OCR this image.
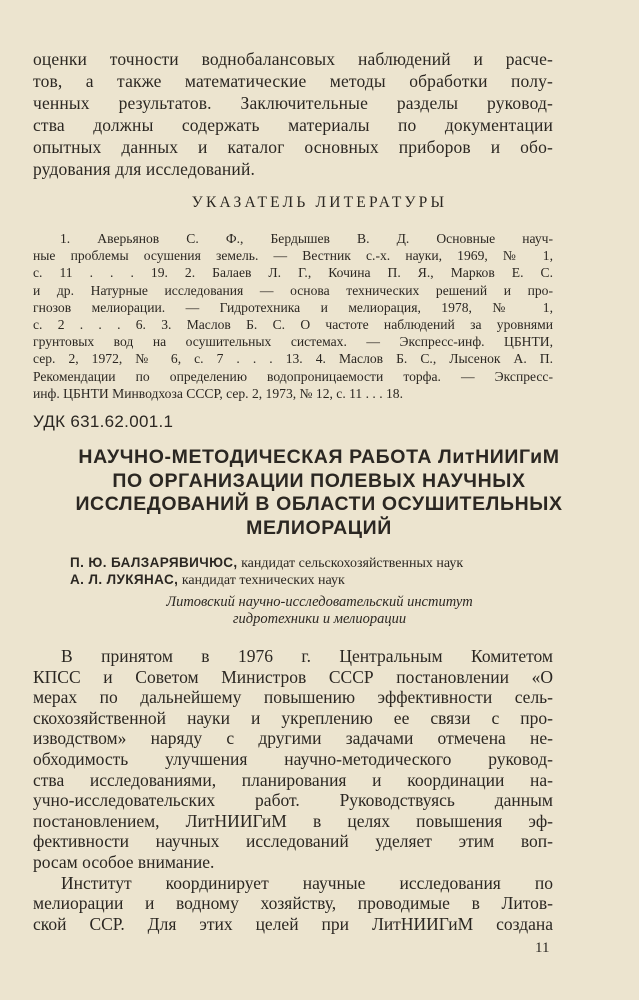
оценки точности воднобалансовых наблюдений и расче-
тов, а также математические методы обработки полу-
ченных результатов. Заключительные разделы руковод-
ства должны содержать материалы по документации
опытных данных и каталог основных приборов и обо-
рудования для исследований.
УКАЗАТЕЛЬ ЛИТЕРАТУРЫ
1. Аверьянов С. Ф., Бердышев В. Д. Основные науч-
ные проблемы осушения земель. — Вестник с.-х. науки, 1969, № 1,
с. 11 . . . 19. 2. Балаев Л. Г., Кочина П. Я., Марков Е. С.
и др. Натурные исследования — основа технических решений и про-
гнозов мелиорации. — Гидротехника и мелиорация, 1978, № 1,
с. 2 . . . 6. 3. Маслов Б. С. О частоте наблюдений за уровнями
грунтовых вод на осушительных системах. — Экспресс-инф. ЦБНТИ,
сер. 2, 1972, № 6, с. 7 . . . 13. 4. Маслов Б. С., Лысенок А. П.
Рекомендации по определению водопроницаемости торфа. — Экспресс-
инф. ЦБНТИ Минводхоза СССР, сер. 2, 1973, № 12, с. 11 . . . 18.
УДК 631.62.001.1
НАУЧНО-МЕТОДИЧЕСКАЯ РАБОТА ЛитНИИГиМ
ПО ОРГАНИЗАЦИИ ПОЛЕВЫХ НАУЧНЫХ
ИССЛЕДОВАНИЙ В ОБЛАСТИ ОСУШИТЕЛЬНЫХ
МЕЛИОРАЦИЙ
П. Ю. БАЛЗАРЯВИЧЮС, кандидат сельскохозяйственных наук
А. Л. ЛУКЯНАС, кандидат технических наук
Литовский научно-исследовательский институт
гидротехники и мелиорации
В принятом в 1976 г. Центральным Комитетом
КПСС и Советом Министров СССР постановлении «О
мерах по дальнейшему повышению эффективности сель-
скохозяйственной науки и укреплению ее связи с про-
изводством» наряду с другими задачами отмечена не-
обходимость улучшения научно-методического руковод-
ства исследованиями, планирования и координации на-
учно-исследовательских работ. Руководствуясь данным
постановлением, ЛитНИИГиМ в целях повышения эф-
фективности научных исследований уделяет этим воп-
росам особое внимание.
Институт координирует научные исследования по
мелиорации и водному хозяйству, проводимые в Литов-
ской ССР. Для этих целей при ЛитНИИГиМ создана
11
